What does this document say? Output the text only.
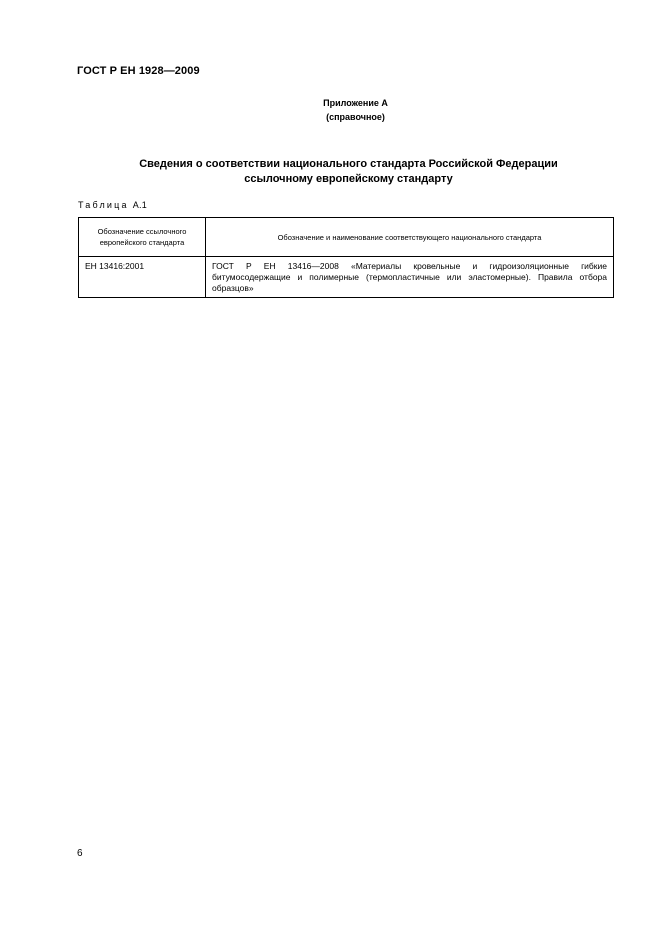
ГОСТ Р ЕН 1928—2009
Приложение А
(справочное)
Сведения о соответствии национального стандарта Российской Федерации
ссылочному европейскому стандарту
Таблица А.1
Обозначение ссылочного европейского стандарта	Обозначение и наименование соответствующего национального стандарта
ЕН 13416:2001	ГОСТ Р ЕН 13416—2008 «Материалы кровельные и гидроизоляционные гибкие битумосодержащие и полимерные (термопластичные или эластомерные). Правила отбора образцов»
6
